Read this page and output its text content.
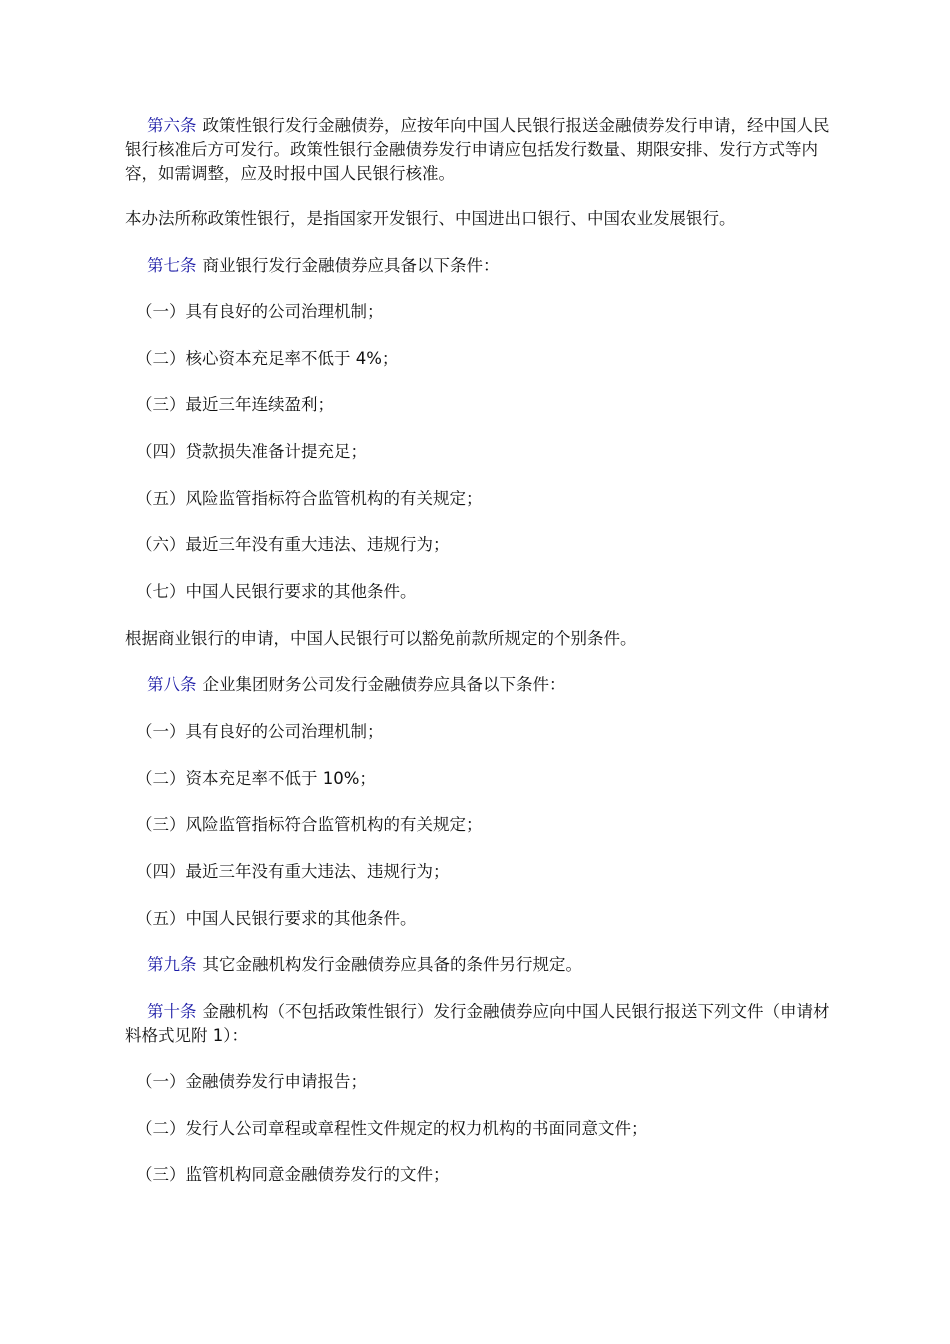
第六条 政策性银行发行金融债券，应按年向中国人民银行报送金融债券发行申请，经中国人民银行核准后方可发行。政策性银行金融债券发行申请应包括发行数量、期限安排、发行方式等内容，如需调整，应及时报中国人民银行核准。

本办法所称政策性银行，是指国家开发银行、中国进出口银行、中国农业发展银行。

第七条 商业银行发行金融债券应具备以下条件：

（一）具有良好的公司治理机制；

（二）核心资本充足率不低于 4%；

（三）最近三年连续盈利；

（四）贷款损失准备计提充足；

（五）风险监管指标符合监管机构的有关规定；

（六）最近三年没有重大违法、违规行为；

（七）中国人民银行要求的其他条件。

根据商业银行的申请，中国人民银行可以豁免前款所规定的个别条件。

第八条 企业集团财务公司发行金融债券应具备以下条件：

（一）具有良好的公司治理机制；

（二）资本充足率不低于 10%；

（三）风险监管指标符合监管机构的有关规定；

（四）最近三年没有重大违法、违规行为；

（五）中国人民银行要求的其他条件。

第九条 其它金融机构发行金融债券应具备的条件另行规定。

第十条 金融机构（不包括政策性银行）发行金融债券应向中国人民银行报送下列文件（申请材料格式见附 1）：

（一）金融债券发行申请报告；

（二）发行人公司章程或章程性文件规定的权力机构的书面同意文件；

（三）监管机构同意金融债券发行的文件；
